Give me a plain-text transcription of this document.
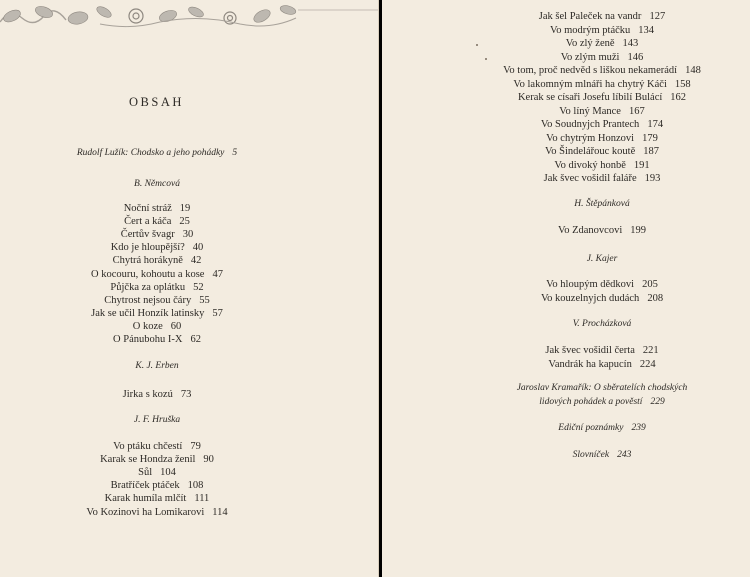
OBSAH
Rudolf Lužík: Chodsko a jeho pohádky 5
B. Němcová
Noční stráž 19
Čert a káča 25
Čertův švagr 30
Kdo je hloupější? 40
Chytrá horákyně 42
O kocouru, kohoutu a kose 47
Půjčka za oplátku 52
Chytrost nejsou čáry 55
Jak se učil Honzík latinsky 57
O koze 60
O Pánubohu I-X 62
K. J. Erben
Jirka s kozú 73
J. F. Hruška
Vo ptáku chčestí 79
Karak se Hondza ženil 90
Sůl 104
Bratříček ptáček 108
Karak humíla mlčít 111
Vo Kozinovi ha Lomikarovi 114
Jak šel Paleček na vandr 127
Vo modrým ptáčku 134
Vo zlý ženě 143
Vo zlým muži 146
Vo tom, proč nedvěd s liškou nekamerádí 148
Vo lakomným mlnáři ha chytrý Káči 158
Kerak se císaři Josefu líbilí Bulácí 162
Vo líný Mance 167
Vo Soudnyjch Prantech 174
Vo chytrým Honzovi 179
Vo Šindelářouc koutě 187
Vo divoký honbě 191
Jak švec vošidil faláře 193
H. Štěpánková
Vo Zdanovcovi 199
J. Kajer
Vo hloupým dědkovi 205
Vo kouzelnyjch dudách 208
V. Procházková
Jak švec vošidil čerta 221
Vandrák ha kapucín 224
Jaroslav Kramařík: O sběratelích chodských
lidových pohádek a pověstí 229
Ediční poznámky 239
Slovníček 243
